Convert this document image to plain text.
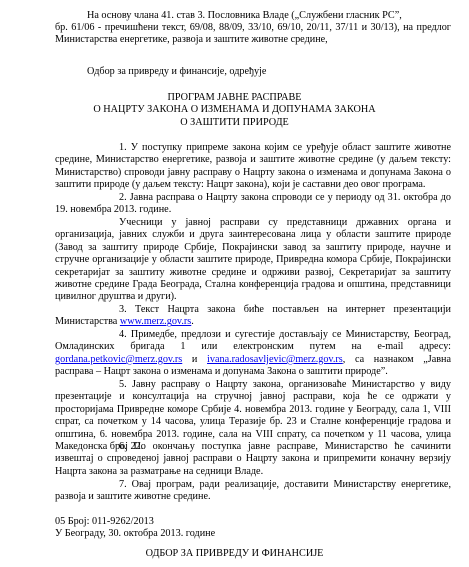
На основу члана 41. став 3. Пословника Владе („Службени гласник РС”,

бр. 61/06 - пречишћени текст, 69/08, 88/09, 33/10, 69/10, 20/11, 37/11 и 30/13), на предлог Министарства енергетике, развоја и заштите животне средине,

Одбор за привреду и финансије, одређује

ПРОГРАМ ЈАВНЕ РАСПРАВЕ
О НАЦРТУ ЗАКОНА О ИЗМЕНАМА И ДОПУНАМА ЗАКОНА
О ЗАШТИТИ ПРИРОДЕ

1. У поступку припреме закона којим се уређује област заштите животне средине, Министарство енергетике, развоја и заштите животне средине (у даљем тексту: Министарство) спроводи јавну расправу о Нацрту закона о изменама и допунама Закона о заштити природе (у даљем тексту: Нацрт закона), који је саставни део овог програма.

2. Јавна расправа о Нацрту закона спроводи се у периоду од 31. октобра до 19. новембра 2013. године.

Учесници у јавној расправи су представници државних органа и организација, јавних служби и друга заинтересована лица у области заштите природе (Завод за заштиту природе Србије, Покрајински завод за заштиту природе, научне и стручне организације у области заштите природе, Привредна комора Србије, Покрајински секретаријат за заштиту животне средине и одрживи развој, Секретаријат за заштиту животне средине Града Београда, Стална конференција градова и општина, представници цивилног друштва и други).

3. Текст Нацрта закона биће постављен на интернет презентацији Министарства www.merz.gov.rs.

4. Примедбе, предлози и сугестије достављају се Министарству, Београд, Омладинских бригада 1 или електронским путем на e-mail адресу: gordana.petkovic@merz.gov.rs и ivana.radosavljevic@merz.gov.rs, са назнаком „Јавна расправа – Нацрт закона о изменама и допунама Закона о заштити природе”.

5. Јавну расправу о Нацрту закона, организоваће Министарство у виду презентације и консултација на стручној јавној расправи, која ће се одржати у просторијама Привредне коморе Србије 4. новембра 2013. године у Београду, сала 1, VIII спрат, са почетком у 14 часова, улица Теразије бр. 23 и Сталне конференције градова и општина, 6. новембра 2013. године, сала на VIII спрату, са почетком у 11 часова, улица Македонска број 22.

6. По окончању поступка јавне расправе, Министарство ће сачинити извештај о спроведеној јавној расправи о Нацрту закона и припремити коначну верзију Нацрта закона за разматрање на седници Владе.

7. Овај програм, ради реализације, доставити Министарству енергетике, развоја и заштите животне средине.

05 Број: 011-9262/2013

У Београду, 30. октобра 2013. године

ОДБОР ЗА ПРИВРЕДУ И ФИНАНСИЈЕ
